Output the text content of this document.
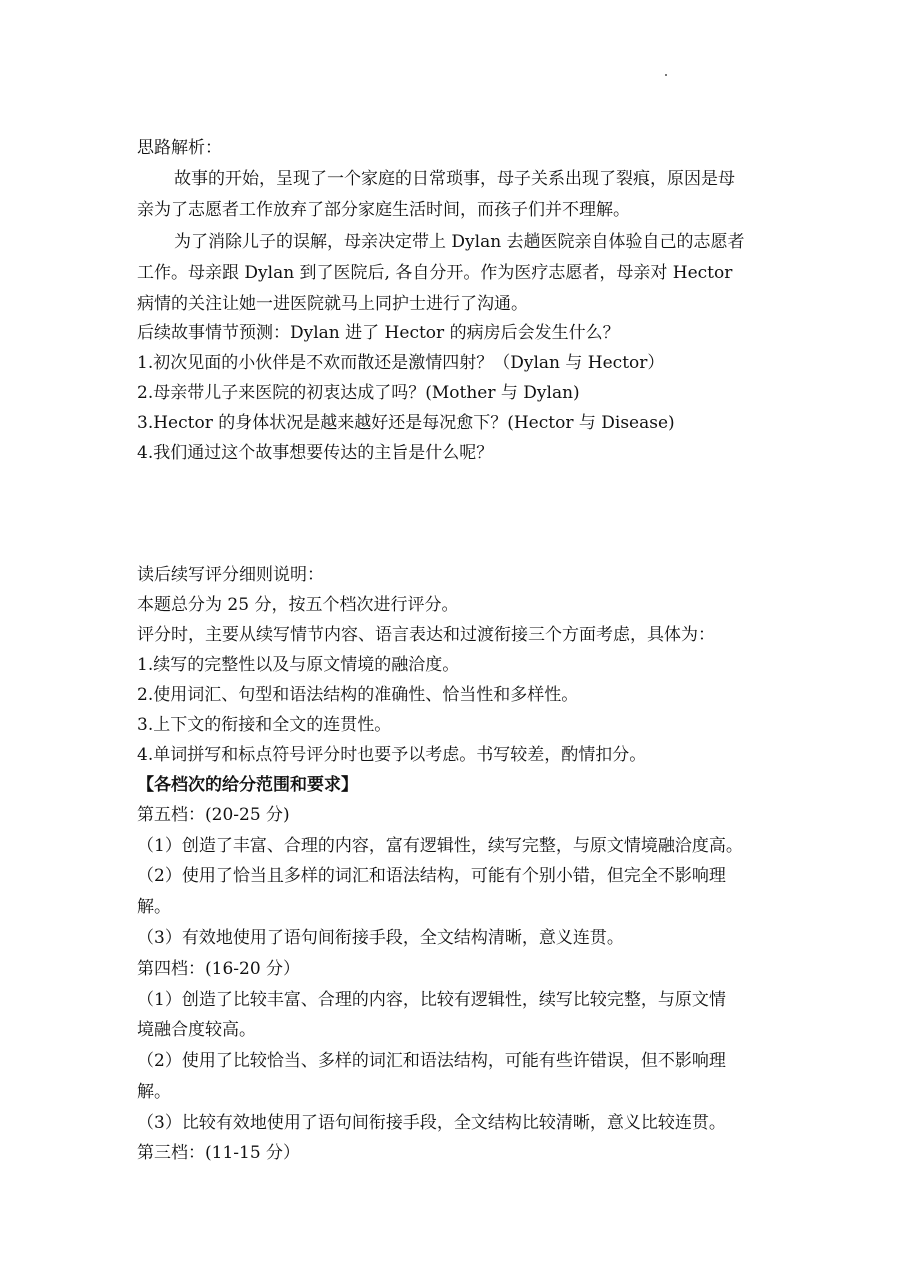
思路解析：
故事的开始，呈现了一个家庭的日常琐事，母子关系出现了裂痕，原因是母
亲为了志愿者工作放弃了部分家庭生活时间，而孩子们并不理解。
为了消除儿子的误解，母亲决定带上 Dylan 去趟医院亲自体验自己的志愿者
工作。母亲跟 Dylan 到了医院后, 各自分开。作为医疗志愿者，母亲对 Hector
病情的关注让她一进医院就马上同护士进行了沟通。
后续故事情节预测：Dylan 进了 Hector 的病房后会发生什么？
1.初次见面的小伙伴是不欢而散还是激情四射？（Dylan 与 Hector）
2.母亲带儿子来医院的初衷达成了吗？(Mother 与 Dylan)
3.Hector 的身体状况是越来越好还是每况愈下？(Hector 与 Disease)
4.我们通过这个故事想要传达的主旨是什么呢？
读后续写评分细则说明：
本题总分为 25 分，按五个档次进行评分。
评分时，主要从续写情节内容、语言表达和过渡衔接三个方面考虑，具体为：
1.续写的完整性以及与原文情境的融洽度。
2.使用词汇、句型和语法结构的准确性、恰当性和多样性。
3.上下文的衔接和全文的连贯性。
4.单词拼写和标点符号评分时也要予以考虑。书写较差，酌情扣分。
【各档次的给分范围和要求】
第五档：(20-25 分)
（1）创造了丰富、合理的内容，富有逻辑性，续写完整，与原文情境融洽度高。
（2）使用了恰当且多样的词汇和语法结构，可能有个别小错，但完全不影响理
解。
（3）有效地使用了语句间衔接手段，全文结构清晰，意义连贯。
第四档：(16-20 分）
（1）创造了比较丰富、合理的内容，比较有逻辑性，续写比较完整，与原文情
境融合度较高。
（2）使用了比较恰当、多样的词汇和语法结构，可能有些许错误，但不影响理
解。
（3）比较有效地使用了语句间衔接手段，全文结构比较清晰，意义比较连贯。
第三档：(11-15 分）
